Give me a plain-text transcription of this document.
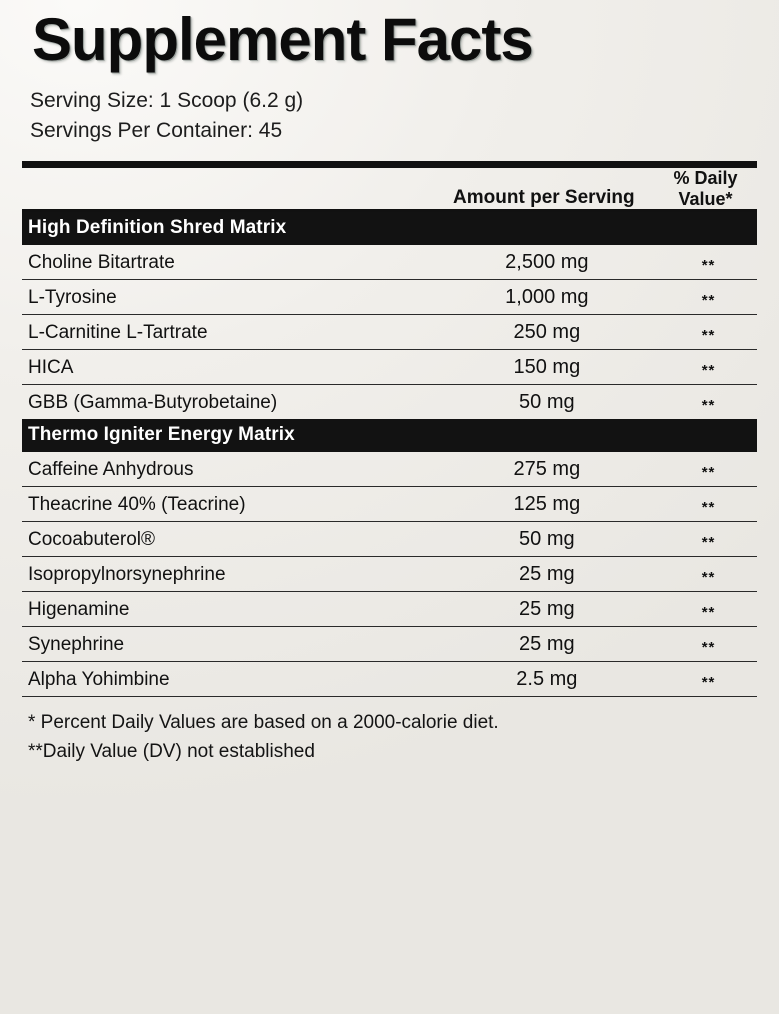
Supplement Facts
Serving Size: 1 Scoop (6.2 g)
Servings Per Container: 45

	Amount per Serving	% Daily Value*

High Definition Shred Matrix		
Choline Bitartrate	2,500 mg	**
L-Tyrosine	1,000 mg	**
L-Carnitine L-Tartrate	250 mg	**
HICA	150 mg	**
GBB (Gamma-Butyrobetaine)	50 mg	**
Thermo Igniter Energy Matrix		
Caffeine Anhydrous	275 mg	**
Theacrine 40% (Teacrine)	125 mg	**
Cocoabuterol®	50 mg	**
Isopropylnorsynephrine	25 mg	**
Higenamine	25 mg	**
Synephrine	25 mg	**
Alpha Yohimbine	2.5 mg	**
* Percent Daily Values are based on a 2000-calorie diet.
**Daily Value (DV) not established
